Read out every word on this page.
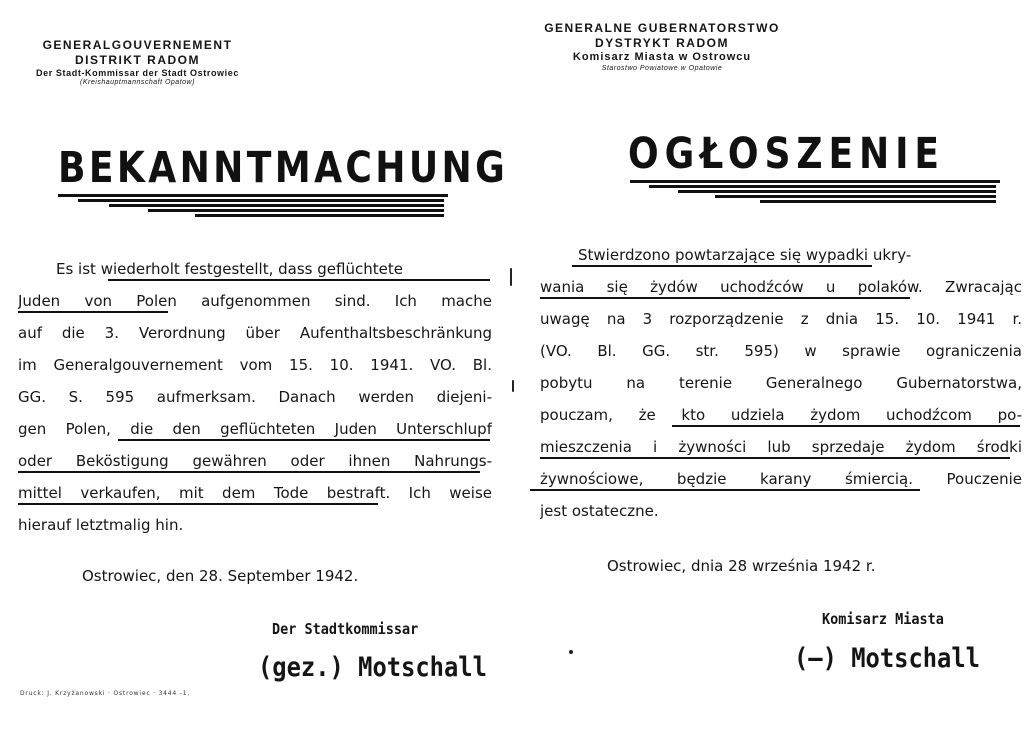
GENERALGOUVERNEMENT
DISTRIKT RADOM
Der Stadt-Kommissar der Stadt Ostrowiec
(Kreishauptmannschaft Opatow)
BEKANNTMACHUNG
Es ist wiederholt festgestellt, dass geflüchtete
Juden von Polen aufgenommen sind. Ich mache
auf die 3. Verordnung über Aufenthaltsbeschränkung
im Generalgouvernement vom 15. 10. 1941. VO. Bl.
GG. S. 595 aufmerksam. Danach werden diejeni-
gen Polen, die den geflüchteten Juden Unterschlupf
oder Beköstigung gewähren oder ihnen Nahrungs-
mittel verkaufen, mit dem Tode bestraft. Ich weise
hierauf letztmalig hin.
Ostrowiec, den 28. September 1942.
Der Stadtkommissar
(gez.) Motschall
Druck: J. Krzyżanowski · Ostrowiec · 3444 -1.
GENERALNE GUBERNATORSTWO
DYSTRYKT RADOM
Komisarz Miasta w Ostrowcu
Starostwo Powiatowe w Opatowie
OGŁOSZENIE
Stwierdzono powtarzające się wypadki ukry-
wania się żydów uchodźców u polaków. Zwracając
uwagę na 3 rozporządzenie z dnia 15. 10. 1941 r.
(VO. Bl. GG. str. 595) w sprawie ograniczenia
pobytu na terenie Generalnego Gubernatorstwa,
pouczam, że kto udziela żydom uchodźcom po-
mieszczenia i żywności lub sprzedaje żydom środki
żywnościowe, będzie karany śmiercią. Pouczenie
jest ostateczne.
Ostrowiec, dnia 28 września 1942 r.
Komisarz Miasta
(—) Motschall
